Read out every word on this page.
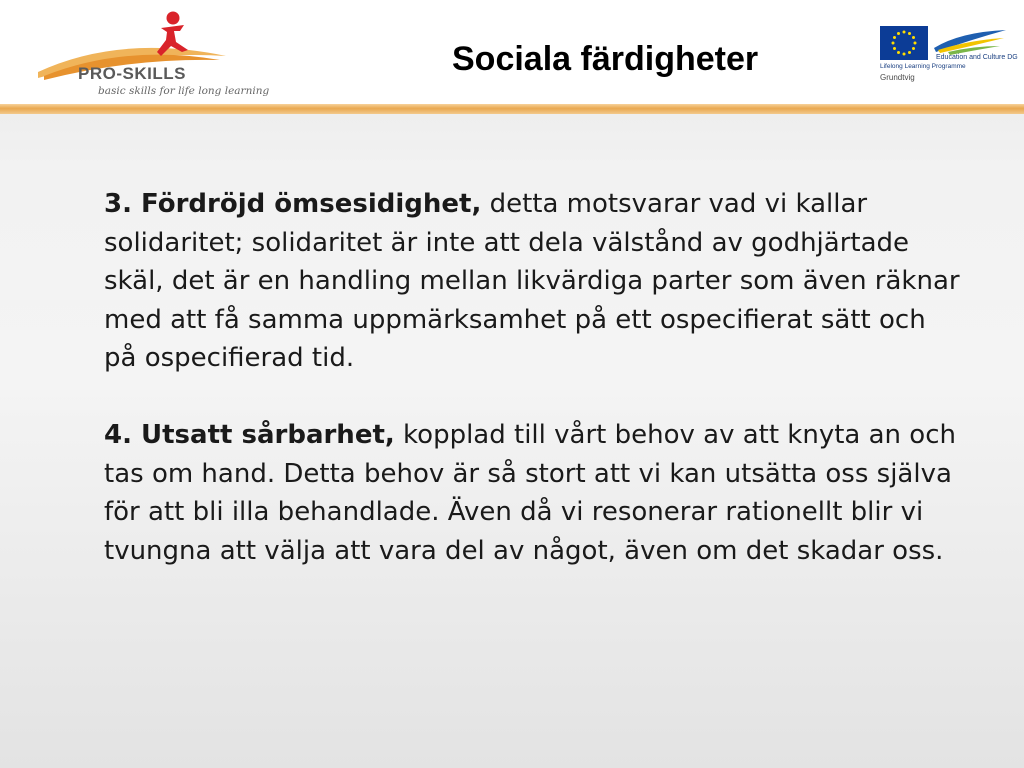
PRO-SKILLS
basic skills for life long learning
Sociala färdigheter	Education and Culture DG
Lifelong Learning Programme
Grundtvig

3. Fördröjd ömsesidighet, detta motsvarar vad vi kallar solidaritet; solidaritet är inte att dela välstånd av godhjärtade skäl, det är en handling mellan likvärdiga parter som även räknar med att få samma uppmärksamhet på ett ospecifierat sätt och på ospecifierad tid.

4. Utsatt sårbarhet, kopplad till vårt behov av att knyta an och tas om hand. Detta behov är så stort att vi kan utsätta oss själva för att bli illa behandlade. Även då vi resonerar rationellt blir vi tvungna att välja att vara del av något, även om det skadar oss.
